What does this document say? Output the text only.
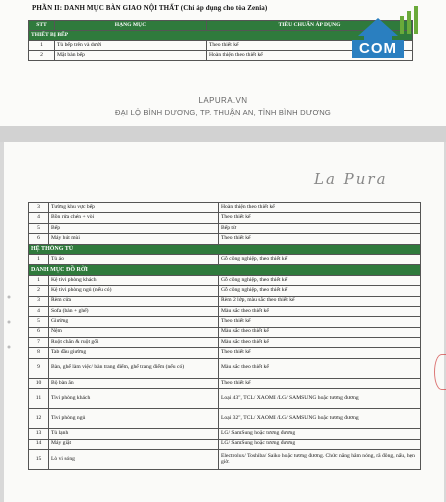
PHẦN II: DANH MỤC BÀN GIAO NỘI THẤT (Chỉ áp dụng cho tòa Zenia)
STT	HẠNG MỤC	TIÊU CHUẨN ÁP DỤNG
THIẾT BỊ BẾP		
1	Tủ bếp trên và dưới	Theo thiết kế
2	Mặt bàn bếp	Hoàn thiện theo thiết kế	COM
LAPURA.VN
ĐẠI LỘ BÌNH DƯƠNG, TP. THUẬN AN, TỈNH BÌNH DƯƠNG
La Pura
3	Tường khu vực bếp	Hoàn thiện theo thiết kế
4	Bồn rửa chén + vòi	Theo thiết kế
5	Bếp	Bếp từ
6	Máy hút mùi	Theo thiết kế
HỆ THỐNG TỦ		
1	Tủ áo	Gỗ công nghiệp, theo thiết kế
DANH MỤC ĐỒ RỜI		
1	Kệ tivi phòng khách	Gỗ công nghiệp, theo thiết kế
2	Kệ tivi phòng ngủ (nếu có)	Gỗ công nghiệp, theo thiết kế
3	Rèm cửa	Rèm 2 lớp, màu sắc theo thiết kế
4	Sofa (bàn + ghế)	Màu sắc theo thiết kế
5	Giường	Theo thiết kế
6	Nệm	Màu sắc theo thiết kế
7	Ruột chăn & ruột gối	Màu sắc theo thiết kế
8	Tab đầu giường	Theo thiết kế
9	Bàn, ghế làm việc/ bàn trang điểm, ghế trang điểm (nếu có)	Màu sắc theo thiết kế
10	Bộ bàn ăn	Theo thiết kế
11	Tivi phòng khách	Loại 43", TCL/ XAOMI /LG/ SAMSUNG hoặc tương đương
12	Tivi phòng ngủ	Loại 32", TCL/ XAOMI /LG/ SAMSUNG hoặc tương đương
13	Tủ lạnh	LG/ SamSung hoặc tương đương
14	Máy giặt	LG/ SamSung hoặc tương đương
15	Lò vi sóng	Electrolux/ Toshiba/ Saiko hoặc tương đương. Chức năng hâm nóng, rã đông, nấu, hẹn giờ.
